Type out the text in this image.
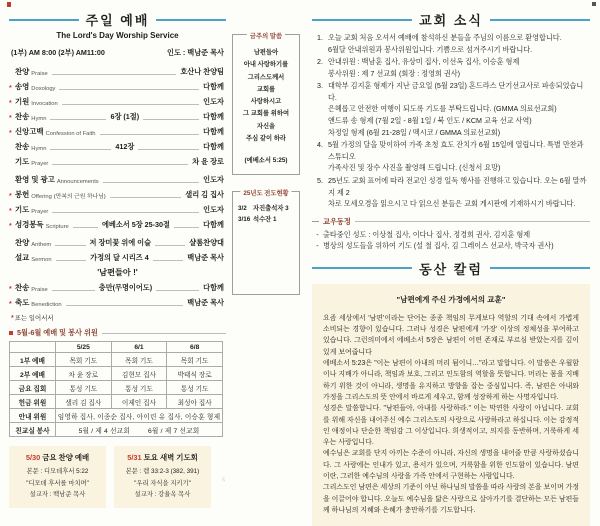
주일 예배
The Lord's Day Worship Service
(1부) AM 8:00 (2부) AM11:00	인도 : 백남준 목사
찬양 Praise	호산나 찬양팀
* 송영 Doxology	다함께
* 기원 Invocation	인도자
* 찬송 Hymn	6장 (1절)	다함께
* 신앙고백 Confession of Faith	다함께
찬송 Hymn	412장	다함께
기도 Prayer	차 윤 장로
환영 및 광고 Announcements	인도자
* 봉헌 Offering (만복의 근원 하나님)	샐리 김 집사
* 기도 Prayer	인도자
* 성경봉독 Scripture	에베소서 5장 25-30절	다함께
찬양 Anthem	저 장미꽃 위에 이슬	샬롬찬양대
설교 Sermon	가정의 달 시리즈 4	백남준 목사
'남편들아 !'
* 찬송 Praise	충만(무명이어도)	다함께
* 축도 Benediction	백남준 목사
*표는 일어서서
5월-6월 예배 및 봉사 위원
	5/25	6/1	6/8
1부 예배	목회 기도	목회 기도	목회 기도
2부 예배	차 윤 장로	김현모 집사	박태식 장로
금요 집회	통성 기도	통성 기도	통성 기도
헌금 위원	샐리 김 집사	이제인 집사	최성아 집사
안내 위원	임영하 집사, 이종순 집사, 아이린 유 집사, 이승훈 형제		
친교실 봉사	5월 / 제 4 선교회 6월 / 제 7 선교회		
5/30 금요 찬양 예배
본문 : 디모데후서 5:22
"디모데 후서를 마치며"
설교자 : 백남준 목사
5/31 토요 새벽 기도회
본문 : 렘 33:2-3 (382, 391)
"우리 자식을 지키기"
설교자 : 강율옥 목사
금주의 말씀
남편들아
아내 사랑하기를
그리스도께서
교회를
사랑하시고
그 교회를 위하여
자신을
주심 같이 하라
(에베소서 5:25)
25년도 전도현황
3/2 자진출석자 3
3/16 석수잔 1
교회 소식
1. 오늘 교회 처음 오셔서 예배에 참석하신 분들을 주님의 이름으로 환영합니다.
6월달 안내위원과 봉사위원입니다. 기쁨으로 섬겨주시기 바랍니다.
2. 안내위원 : 백남훈 집사, 유상미 집사, 이선옥 집사, 이승훈 형제
봉사위원 : 제 7 선교회 (회장 : 정영희 권사)
3. 대학부 김지훈 형제가 지난 금요일 (5월 23일) 혼드라스 단기선교사로 파송되었습니다.
은혜롭고 안전한 여행이 되도록 기도를 부탁드립니다. (GMMA 의료선교회)
앤드류 송 형제 (7월 2일 - 8월 1일 / 북 인도 / KCM 교육 선교 사역)
차정일 형제 (6월 21-28일 / 멕시코 / GMMA 의료선교회)
4. 5월 가정의 달을 맞이하여 가족 초청 효도 잔치가 6월 15일에 열립니다. 특별 만찬과 스튜디오
가족사진 및 장수 사진을 촬영해 드립니다. (신청서 요망)
5. 25년도 교회 표어에 따라 전교인 성경 일독 행사를 진행하고 있습니다. 오는 6월 말까지 제 2
차로 모세오경을 읽으시고 다 읽으신 분들은 교회 게시판에 기재하시기 바랍니다.
교우동정
- 출타중인 성도 : 이상철 집사, 이다나 집사, 정경희 권사, 김지훈 형제
- 병상의 성도들을 위하여 기도 (설 철 집사, 김 그레이스 선교사, 박국자 권사)
동산 칼럼
"남편에게 주신 가정에서의 교훈"

요즘 세상에서 '남편'이라는 단어는 종종 책임의 무게보다 역할의 기대 속에서 가볍게 소비되는 경향이 있습니다. 그러나 성경은 남편에게 '가장' 이상의 정체성을 부여하고 있습니다. 그런의미에서 에베소서 5장은 남편이 어떤 존재로 부르심 받았는지를 깊이 있게 보여줍니다

에베소서 5:23은 "이는 남편이 아내의 머리 됨이니…"라고 말합니다. 이 말씀은 우월함이나 지배가 아니라, 책임과 보호, 그리고 인도함의 역할을 뜻합니다. 머리는 몸을 지배하기 위한 것이 아니라, 생명을 유지하고 방향을 잡는 중심입니다. 즉, 남편은 아내와 가정을 그리스도의 뜻 안에서 바르게 세우고, 함께 성장하게 하는 사명자입니다.

성경은 말씀합니다. "남편들아, 아내를 사랑하라." 이는 막연한 사랑이 아닙니다. 교회를 위해 자신을 내어주신 예수 그리스도의 사랑으로 사랑하라고 하십니다. 이는 감정적인 애정이나 단순한 책임감 그 이상입니다. 희생적이고, 의지를 동반하며, 거룩하게 세우는 사랑입니다.

예수님은 교회를 단지 아끼는 수준이 아니라, 자신의 생명을 내어줄 만큼 사랑하셨습니다. 그 사랑에는 인내가 있고, 용서가 있으며, 거룩함을 위한 인도함이 있습니다. 남편이란, 그러한 예수님의 사랑을 가족 안에서 구현하는 사람입니다.

그리스도인 남편은 세상의 기준이 아닌 하나님의 말씀을 따라 사랑의 본을 보이며 가정을 이끌어야 합니다. 오늘도 예수님을 닮은 사랑으로 살아가기를 결단하는 모든 남편들께 하나님의 지혜와 은혜가 충만하기를 기도합니다.
